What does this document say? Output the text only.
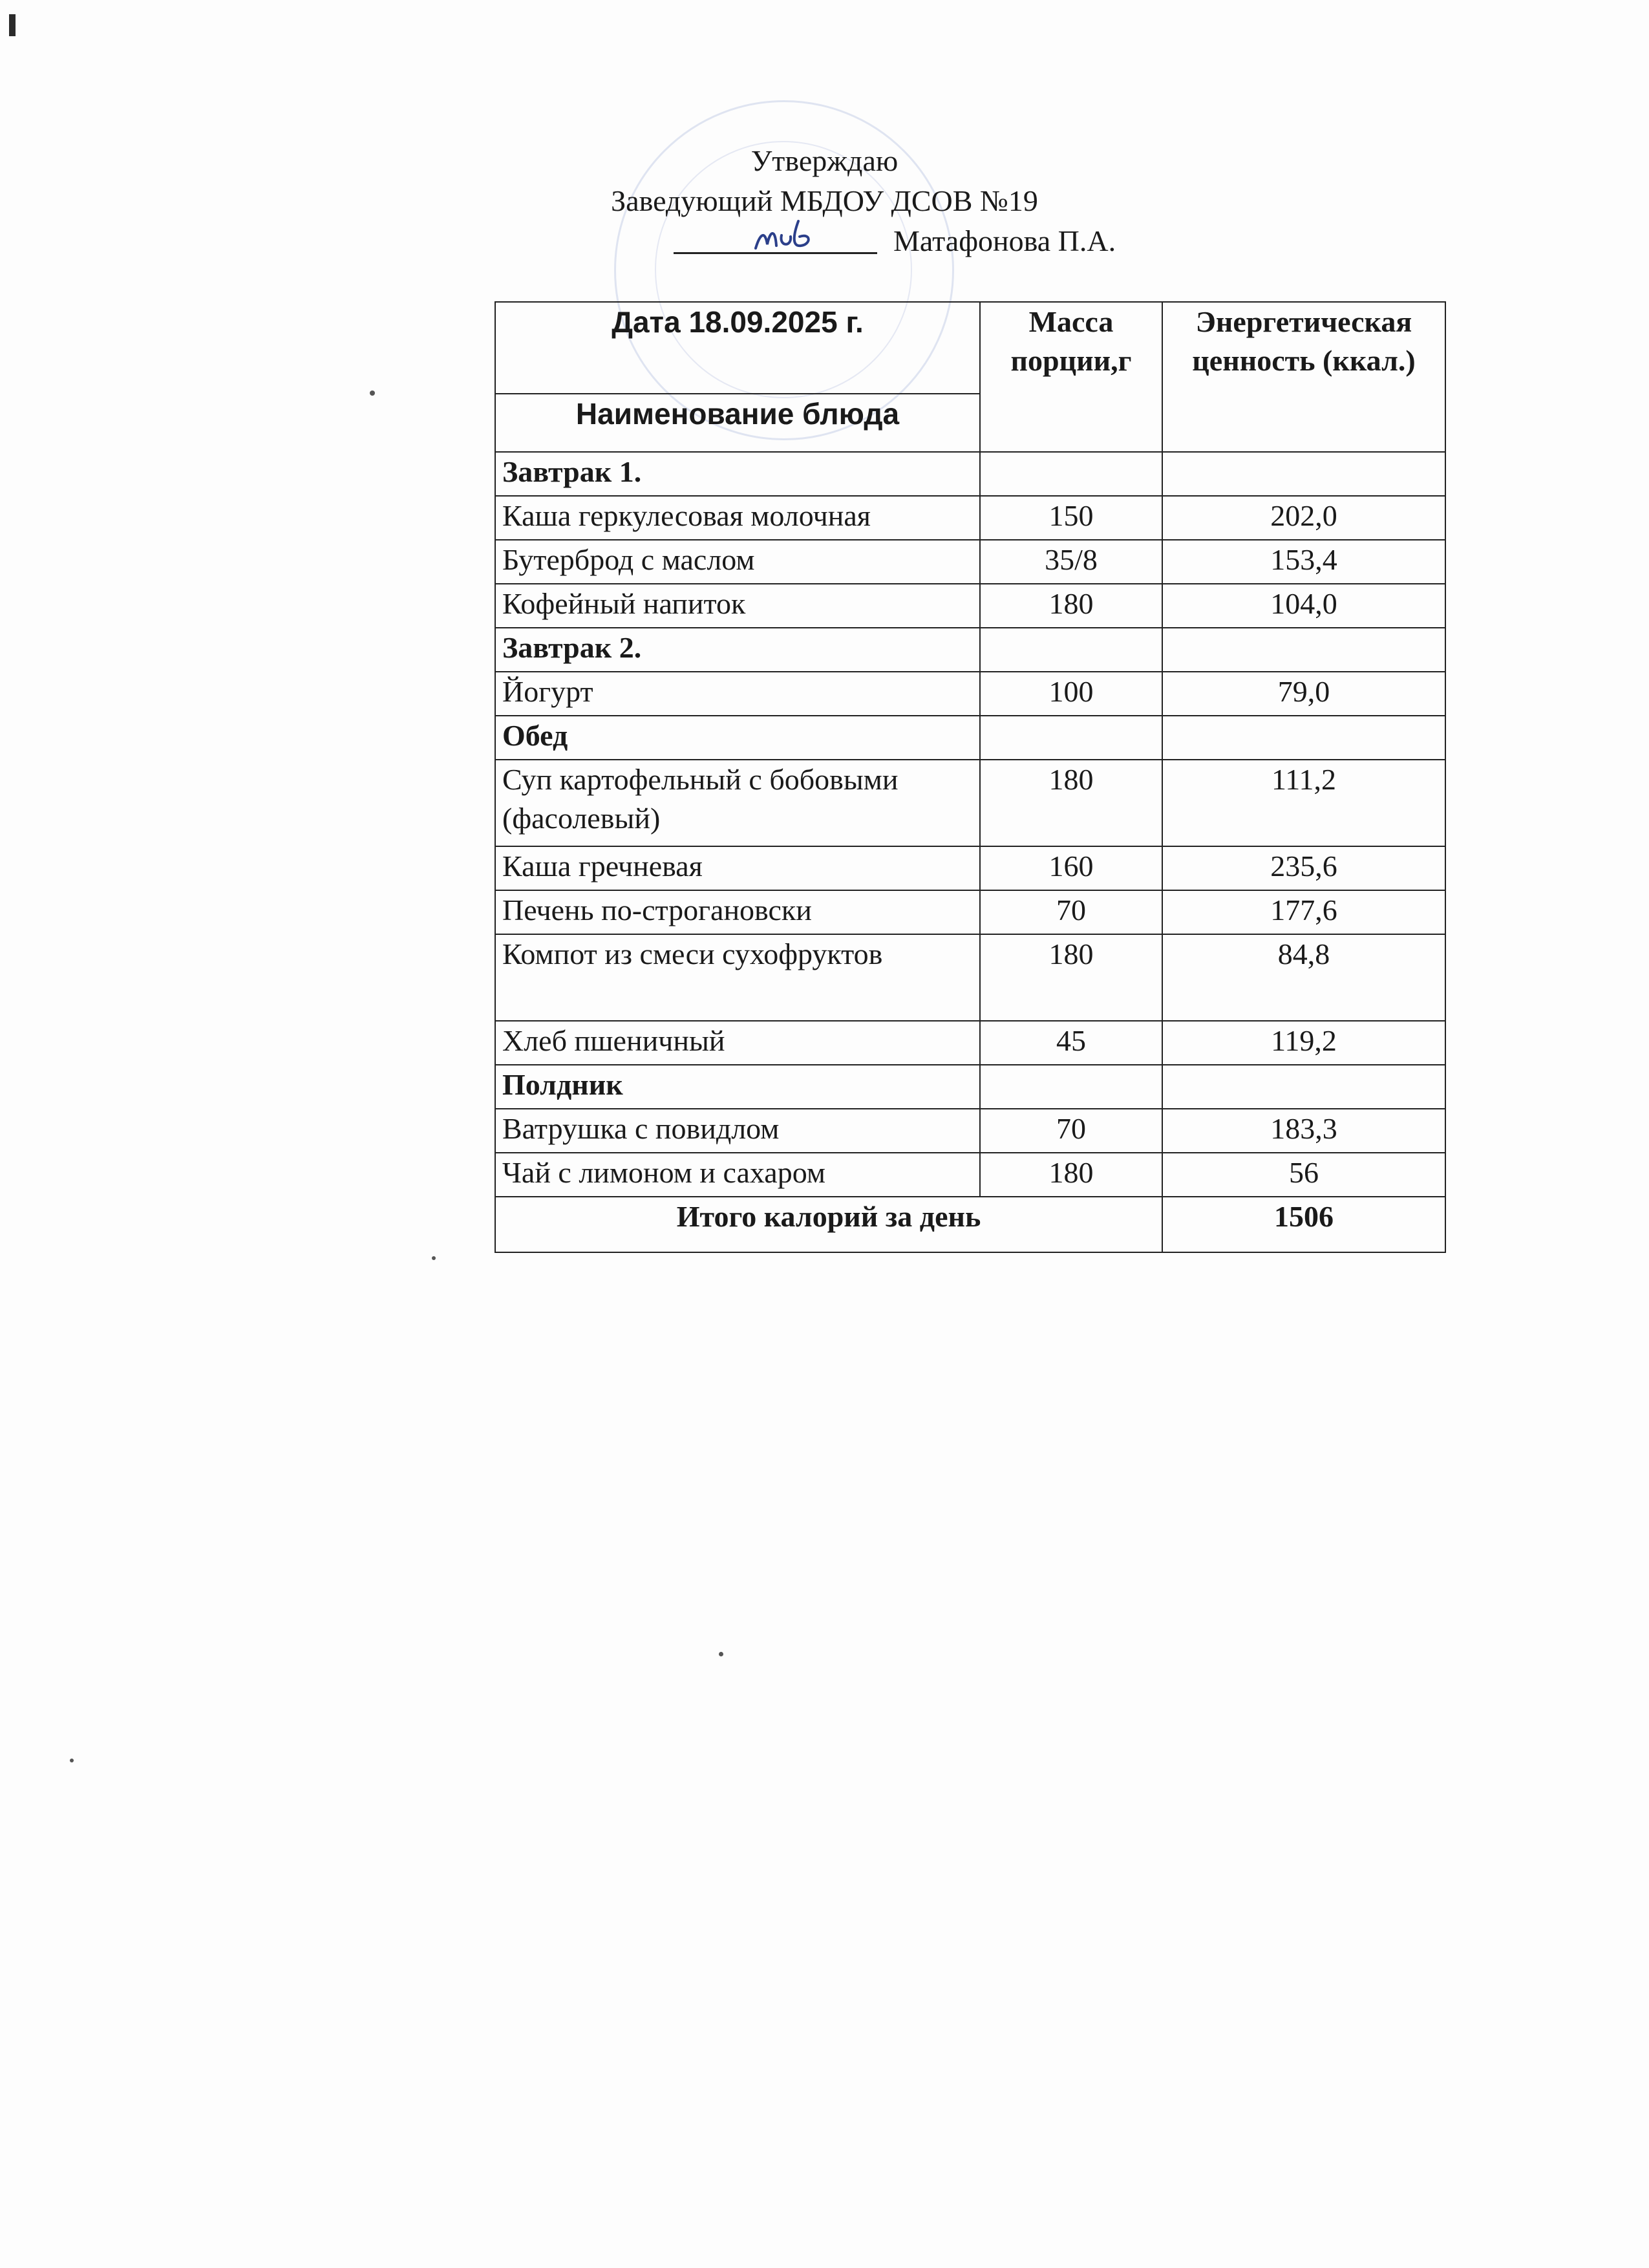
Утверждаю
Заведующий МБДОУ ДСОВ №19
Матафонова П.А.
Дата 18.09.2025 г.	Масса порции,г	Энергетическая ценность (ккал.)
Наименование блюда		
Завтрак 1.		
Каша геркулесовая молочная	150	202,0
Бутерброд с маслом	35/8	153,4
Кофейный напиток	180	104,0
Завтрак 2.		
Йогурт	100	79,0
Обед		
Суп картофельный с бобовыми (фасолевый)	180	111,2
Каша гречневая	160	235,6
Печень по-строгановски	70	177,6
Компот из смеси сухофруктов	180	84,8
Хлеб пшеничный	45	119,2
Полдник		
Ватрушка с повидлом	70	183,3
Чай с лимоном и сахаром	180	56
Итого калорий за день		1506
